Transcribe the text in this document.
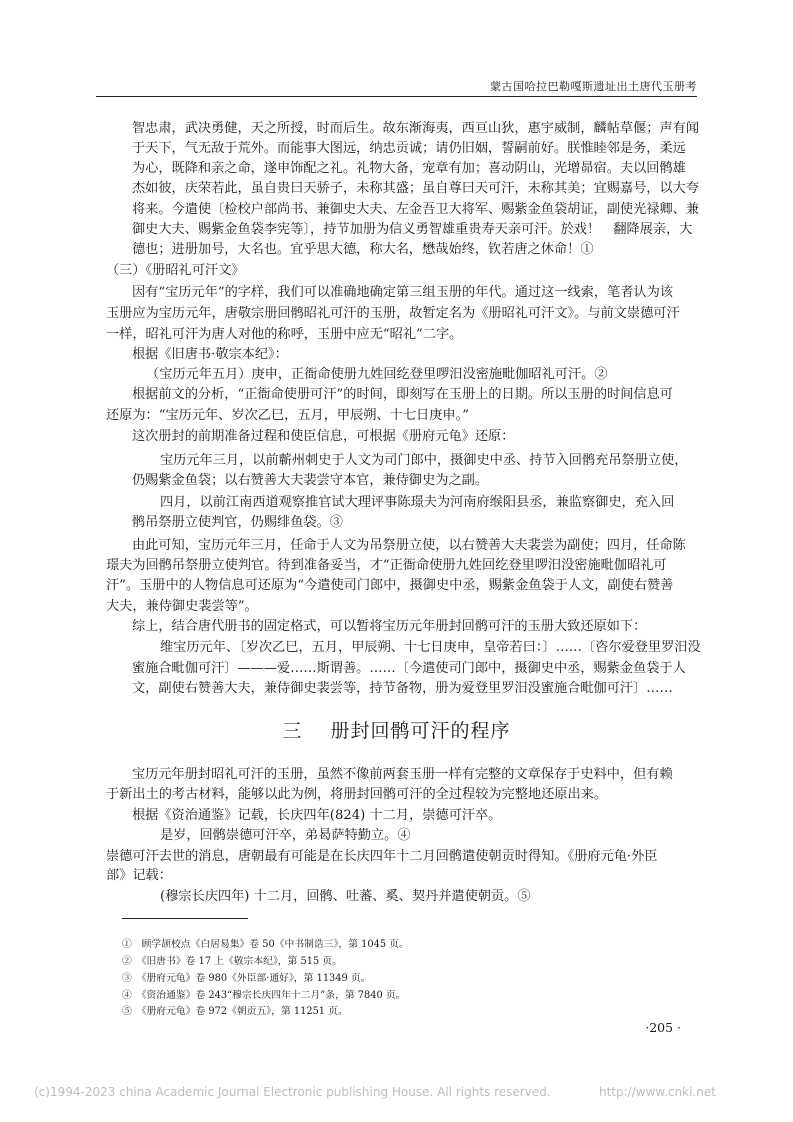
蒙古国哈拉巴勒嘎斯遗址出土唐代玉册考
智忠肃，武决勇健，天之所授，时而后生。故东渐海夷，西亘山狄，惠宇威制，麟帖草偃；声有闻
于天下，气无敌于荒外。而能事大图远，纳忠贡诚；请仍旧姻，誓嗣前好。朕惟睦邻是务，柔远
为心，既降和亲之命，遂申饰配之礼。礼物大备，宠章有加；喜动阴山，光增昴宿。夫以回鹘雄
杰如彼，庆荣若此，虽自贵曰天骄子，未称其盛；虽自尊曰天可汗，未称其美；宜赐嘉号，以大夸
将来。今遣使〔检校户部尚书、兼御史大夫、左金吾卫大将军、赐紫金鱼袋胡证，副使光禄卿、兼
御史大夫、赐紫金鱼袋李宪等〕，持节加册为信义勇智雄重贵寿天亲可汗。於戏！　翻降展亲，大
德也；进册加号，大名也。宜乎思大德，称大名，懋哉始终，钦若唐之休命！①
（三）《册昭礼可汗文》
因有“宝历元年”的字样，我们可以准确地确定第三组玉册的年代。通过这一线索，笔者认为该
玉册应为宝历元年，唐敬宗册回鹘昭礼可汗的玉册，故暂定名为《册昭礼可汗文》。与前文崇德可汗
一样，昭礼可汗为唐人对他的称呼，玉册中应无“昭礼”二字。
根据《旧唐书·敬宗本纪》：
（宝历元年五月）庚申，正衙命使册九姓回纥登里啰汨没密施毗伽昭礼可汗。②
根据前文的分析，“正衙命使册可汗”的时间，即刻写在玉册上的日期。所以玉册的时间信息可
还原为：“宝历元年、岁次乙巳，五月，甲辰朔、十七日庚申。”
这次册封的前期准备过程和使臣信息，可根据《册府元龟》还原：
宝历元年三月，以前蘄州刺史于人文为司门郎中，摄御史中丞、持节入回鹘充吊祭册立使，
仍赐紫金鱼袋；以右赞善大夫裴尝守本官，兼侍御史为之副。
四月，以前江南西道观察推官试大理评事陈璟夫为河南府缑阳县丞，兼监察御史，充入回
鹘吊祭册立使判官，仍赐绯鱼袋。③
由此可知，宝历元年三月，任命于人文为吊祭册立使，以右赞善大夫裴尝为副使；四月，任命陈
璟夫为回鹘吊祭册立使判官。待到准备妥当，才“正衙命使册九姓回纥登里啰汨没密施毗伽昭礼可
汗”。玉册中的人物信息可还原为“今遣使司门郎中，摄御史中丞，赐紫金鱼袋于人文，副使右赞善
大夫，兼侍御史裴尝等”。
综上，结合唐代册书的固定格式，可以暂将宝历元年册封回鹘可汗的玉册大致还原如下：
维宝历元年、〔岁次乙巳，五月，甲辰朔、十七日庚申，皇帝若曰：〕……〔咨尔爱登里罗汨没
蜜施合毗伽可汗〕———爱……斯谓善。……〔今遣使司门郎中，摄御史中丞，赐紫金鱼袋于人
文，副使右赞善大夫，兼侍御史裴尝等，持节备物，册为爱登里罗汨没蜜施合毗伽可汗〕……
三 册封回鹘可汗的程序
宝历元年册封昭礼可汗的玉册，虽然不像前两套玉册一样有完整的文章保存于史料中，但有赖
于新出土的考古材料，能够以此为例，将册封回鹘可汗的全过程较为完整地还原出来。
根据《资治通鉴》记载，长庆四年(824) 十二月，崇德可汗卒。
是岁，回鹘崇德可汗卒，弟曷萨特勤立。④
崇德可汗去世的消息，唐朝最有可能是在长庆四年十二月回鹘遣使朝贡时得知。《册府元龟·外臣
部》记载：
(穆宗长庆四年) 十二月，回鹘、吐蕃、奚、契丹并遣使朝贡。⑤
①　顾学颉校点《白居易集》卷 50《中书制诰三》，第 1045 页。
②　《旧唐书》卷 17 上《敬宗本纪》，第 515 页。
③　《册府元龟》卷 980《外臣部·通好》，第 11349 页。
④　《资治通鉴》卷 243“穆宗长庆四年十二月”条，第 7840 页。
⑤　《册府元龟》卷 972《朝贡五》，第 11251 页。
·205 ·
(c)1994-2023 china Academic Journal Electronic publishing House. All rights reserved.	http://www.cnki.net
